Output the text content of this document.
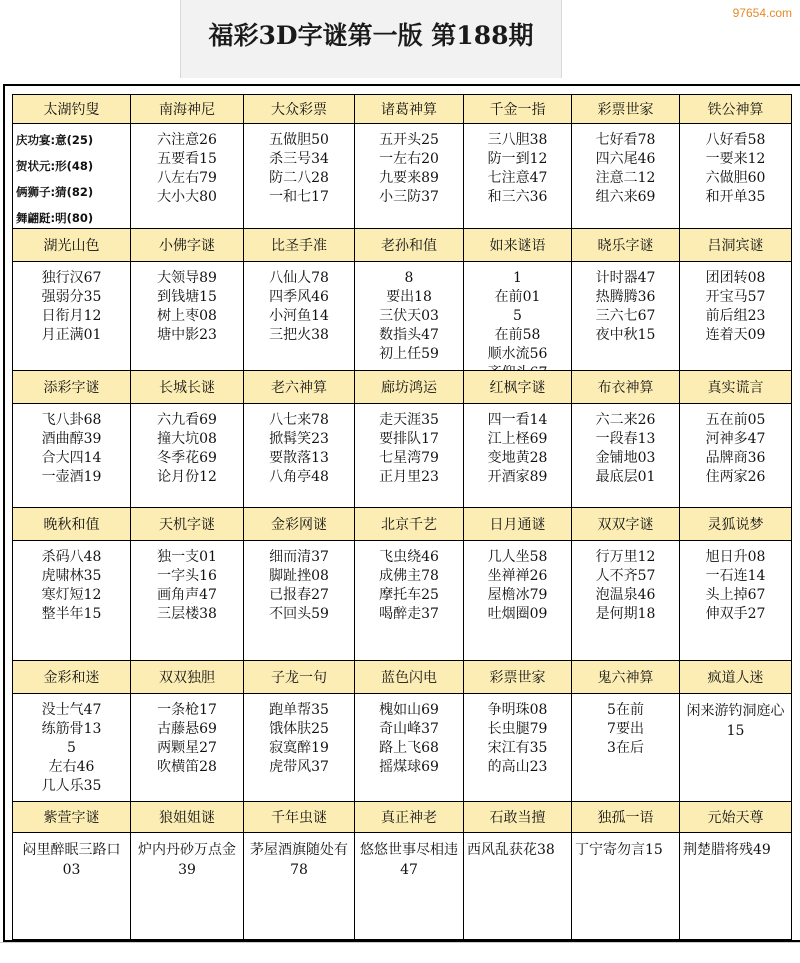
福彩3D字谜第一版 第188期
97654.com
太湖钓叟
庆功宴:意(25)
贺状元:形(48)
俩狮子:猜(82)
舞翩跹:明(80)
南海神尼
六注意26
五要看15
八左右79
大小大80
大众彩票
五做胆50
杀三号34
防二八28
一和七17
诸葛神算
五开头25
一左右20
九要来89
小三防37
千金一指
三八胆38
防一到12
七注意47
和三六36
彩票世家
七好看78
四六尾46
注意二12
组六来69
铁公神算
八好看58
一要来12
六做胆60
和开单35
湖光山色
独行汉67
强弱分35
日衔月12
月正满01
小佛字谜
大领导89
到钱塘15
树上枣08
塘中影23
比圣手准
八仙人78
四季风46
小河鱼14
三把火38
老孙和值
8
要出18
三伏天03
数指头47
初上任59
如来谜语
1
在前01
5
在前58
顺水流56
晓乐字谜
计时器47
热腾腾36
三六七67
夜中秋15
吕洞宾谜
团团转08
开宝马57
前后组23
连着天09
添彩字谜
飞八卦68
酒曲醇39
合大四14
一壶酒19
长城长谜
六九看69
撞大坑08
冬季花69
论月份12
老六神算
八七来78
掀髯笑23
要散落13
八角亭48
廊坊鸿运
走天涯35
要排队17
七星湾79
正月里23
红枫字谜
四一看14
江上柽69
变地黄28
开酒家89
布衣神算
六二来26
一段春13
金铺地03
最底层01
真实谎言
五在前05
河神多47
品牌商36
住两家26
晚秋和值
杀码八48
虎啸林35
寒灯短12
整半年15
天机字谜
独一支01
一字头16
画角声47
三层楼38
金彩网谜
细而清37
脚趾挫08
已报春27
不回头59
北京千艺
飞虫绕46
成佛主78
摩托车25
喝醉走37
日月通谜
几人坐58
坐禅禅26
屋檐冰79
吐烟圈09
双双字谜
行万里12
人不齐57
泡温泉46
是何期18
灵狐说梦
旭日升08
一石连14
头上掉67
伸双手27
金彩和迷
没士气47
练筋骨13
5
左右46
几人乐35
双双独胆
一条枪17
古藤悬69
两颗星27
吹横笛28
子龙一句
跑单帮35
饿体肤25
寂寞醉19
虎带风37
蓝色闪电
槐如山69
奇山峰37
路上飞68
摇煤球69
彩票世家
争明珠08
长虫腿79
宋江有35
的高山23
鬼六神算
5在前
7要出
3在后
疯道人迷
闲来游钓洞庭心15
紫萱字谜
闷里醉眠三路口03
狼姐姐谜
炉内丹砂万点金39
千年虫谜
茅屋酒旗随处有78
真正神老
悠悠世事尽相违47
石敢当擅
西风乱获花38
独孤一语
丁宁寄勿言15
元始天尊
荆楚腊将残49
